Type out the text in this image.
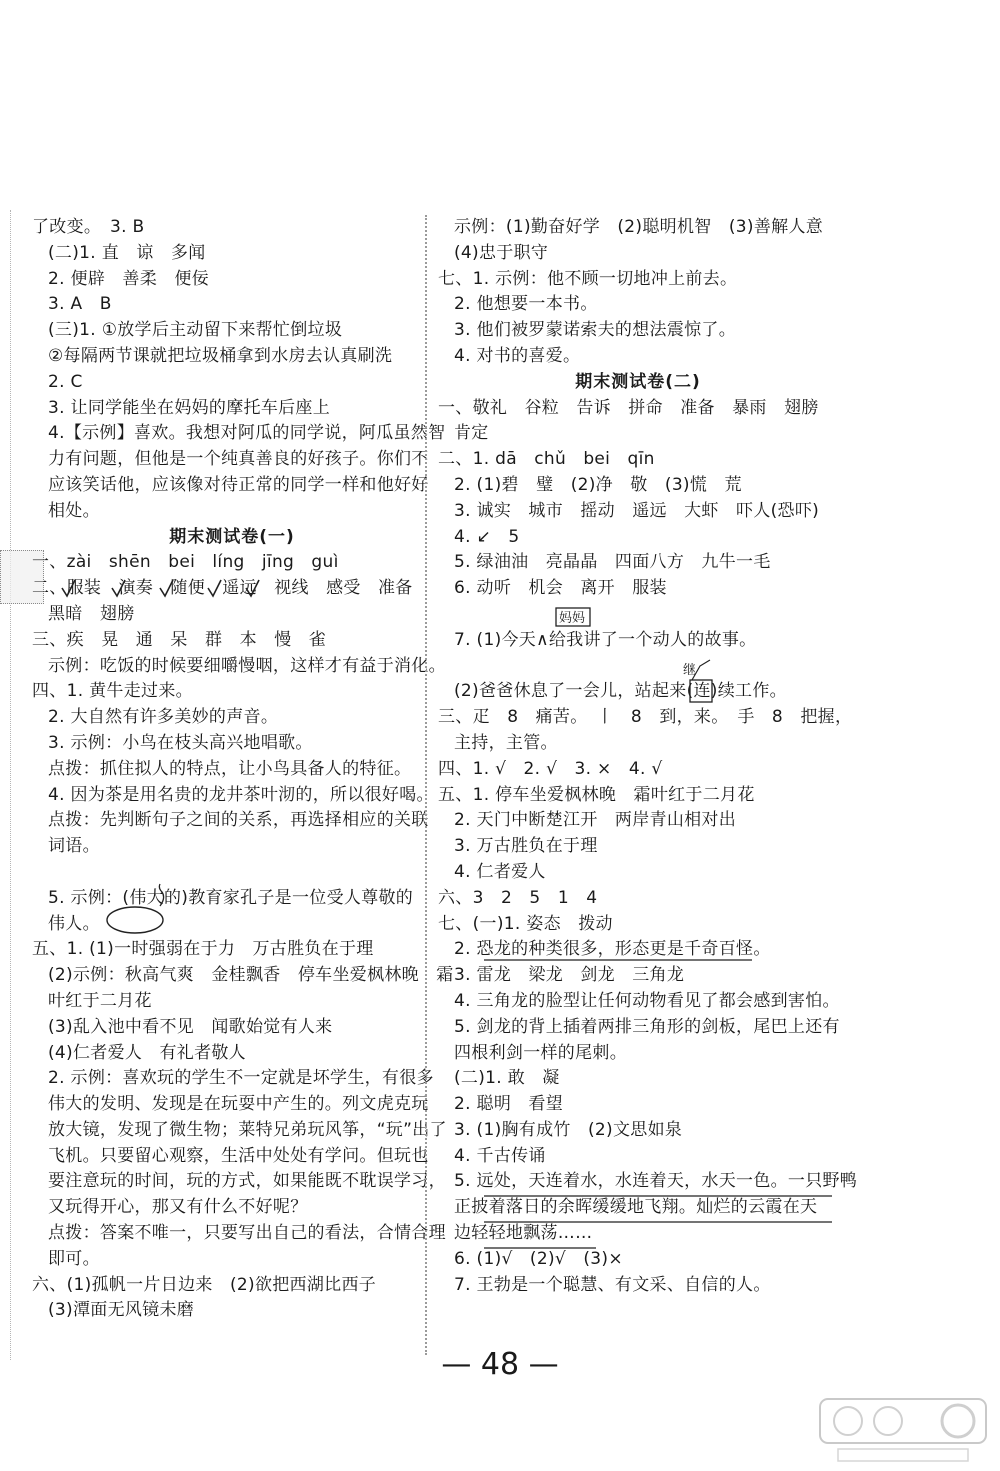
了改变。　3. B
(二)1. 直　谅　多闻
2. 便辟　善柔　便佞
3. A　B
(三)1. ①放学后主动留下来帮忙倒垃圾
②每隔两节课就把垃圾桶拿到水房去认真刷洗
2. C
3. 让同学能坐在妈妈的摩托车后座上
4.【示例】喜欢。我想对阿瓜的同学说，阿瓜虽然智
力有问题，但他是一个纯真善良的好孩子。你们不
应该笑话他，应该像对待正常的同学一样和他好好
相处。
期末测试卷(一)
一、zài　shēn　bei　líng　jīng　guì
二、服装　演奏　随便　遥远　视线　感受　准备
黑暗　翅膀
三、疾　晃　通　呆　群　本　慢　雀
示例：吃饭的时候要细嚼慢咽，这样才有益于消化。
四、1. 黄牛走过来。
2. 大自然有许多美妙的声音。
3. 示例：小鸟在枝头高兴地唱歌。
点拨：抓住拟人的特点，让小鸟具备人的特征。
4. 因为茶是用名贵的龙井茶叶沏的，所以很好喝。
点拨：先判断句子之间的关系，再选择相应的关联
词语。
5. 示例：(伟大的)教育家孔子是一位受人尊敬的
伟人。
五、1. (1)一时强弱在于力　万古胜负在于理
(2)示例：秋高气爽　金桂飘香　停车坐爱枫林晚　霜
叶红于二月花
(3)乱入池中看不见　闻歌始觉有人来
(4)仁者爱人　有礼者敬人
2. 示例：喜欢玩的学生不一定就是坏学生，有很多
伟大的发明、发现是在玩耍中产生的。列文虎克玩
放大镜，发现了微生物；莱特兄弟玩风筝，“玩”出了
飞机。只要留心观察，生活中处处有学问。但玩也
要注意玩的时间，玩的方式，如果能既不耽误学习，
又玩得开心，那又有什么不好呢？
点拨：答案不唯一，只要写出自己的看法，合情合理
即可。
六、(1)孤帆一片日边来　(2)欲把西湖比西子
(3)潭面无风镜未磨
示例：(1)勤奋好学　(2)聪明机智　(3)善解人意
(4)忠于职守
七、1. 示例：他不顾一切地冲上前去。
2. 他想要一本书。
3. 他们被罗蒙诺索夫的想法震惊了。
4. 对书的喜爱。
期末测试卷(二)
一、敬礼　谷粒　告诉　拼命　准备　暴雨　翅膀
肯定
二、1. dā　chǔ　bei　qīn
2. (1)碧　璧　(2)净　敬　(3)慌　荒
3. 诚实　城市　摇动　遥远　大虾　吓人(恐吓)
4. ↙　5
5. 绿油油　亮晶晶　四面八方　九牛一毛
6. 动听　机会　离开　服装
7. (1)今天∧给我讲了一个动人的故事。
(2)爸爸休息了一会儿，站起来(连)续工作。
三、疋　8　痛苦。　丨　8　到，来。　手　8　把握，
主持，主管。
四、1. √　2. √　3. ×　4. √
五、1. 停车坐爱枫林晚　霜叶红于二月花
2. 天门中断楚江开　两岸青山相对出
3. 万古胜负在于理
4. 仁者爱人
六、3　2　5　1　4
七、(一)1. 姿态　拨动
2. 恐龙的种类很多，形态更是千奇百怪。
3. 雷龙　梁龙　剑龙　三角龙
4. 三角龙的脸型让任何动物看见了都会感到害怕。
5. 剑龙的背上插着两排三角形的剑板，尾巴上还有
四根利剑一样的尾刺。
(二)1. 敢　凝
2. 聪明　看望
3. (1)胸有成竹　(2)文思如泉
4. 千古传诵
5. 远处，天连着水，水连着天，水天一色。一只野鸭
正披着落日的余晖缓缓地飞翔。灿烂的云霞在天
边轻轻地飘荡……
6. (1)√　(2)√　(3)×
7. 王勃是一个聪慧、有文采、自信的人。
妈妈
继
— 48 —
